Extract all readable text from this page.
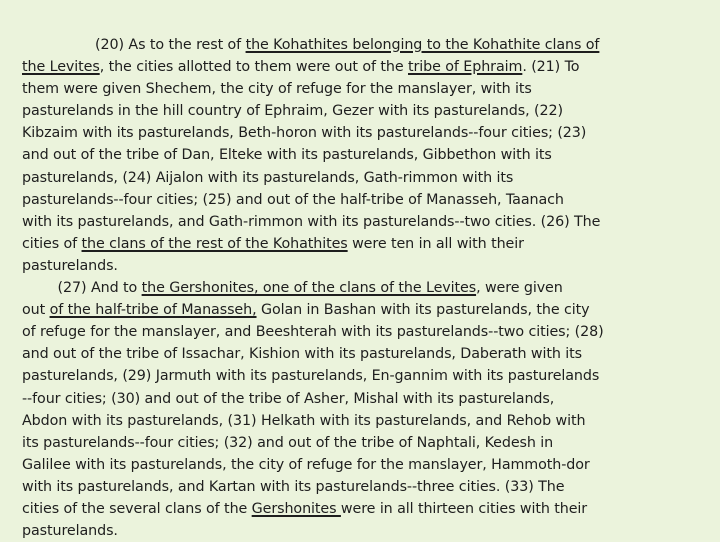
(20) As to the rest of the Kohathites belonging to the Kohathite clans of
the Levites, the cities allotted to them were out of the tribe of Ephraim. (21) To
them were given Shechem, the city of refuge for the manslayer, with its
pasturelands in the hill country of Ephraim, Gezer with its pasturelands, (22)
Kibzaim with its pasturelands, Beth-horon with its pasturelands--four cities; (23)
and out of the tribe of Dan, Elteke with its pasturelands, Gibbethon with its
pasturelands, (24) Aijalon with its pasturelands, Gath-rimmon with its
pasturelands--four cities; (25) and out of the half-tribe of Manasseh, Taanach
with its pasturelands, and Gath-rimmon with its pasturelands--two cities. (26) The
cities of the clans of the rest of the Kohathites were ten in all with their
pasturelands.
(27) And to the Gershonites, one of the clans of the Levites, were given
out of the half-tribe of Manasseh, Golan in Bashan with its pasturelands, the city
of refuge for the manslayer, and Beeshterah with its pasturelands--two cities; (28)
and out of the tribe of Issachar, Kishion with its pasturelands, Daberath with its
pasturelands, (29) Jarmuth with its pasturelands, En-gannim with its pasturelands
--four cities; (30) and out of the tribe of Asher, Mishal with its pasturelands,
Abdon with its pasturelands, (31) Helkath with its pasturelands, and Rehob with
its pasturelands--four cities; (32) and out of the tribe of Naphtali, Kedesh in
Galilee with its pasturelands, the city of refuge for the manslayer, Hammoth-dor
with its pasturelands, and Kartan with its pasturelands--three cities. (33) The
cities of the several clans of the Gershonites were in all thirteen cities with their
pasturelands.
